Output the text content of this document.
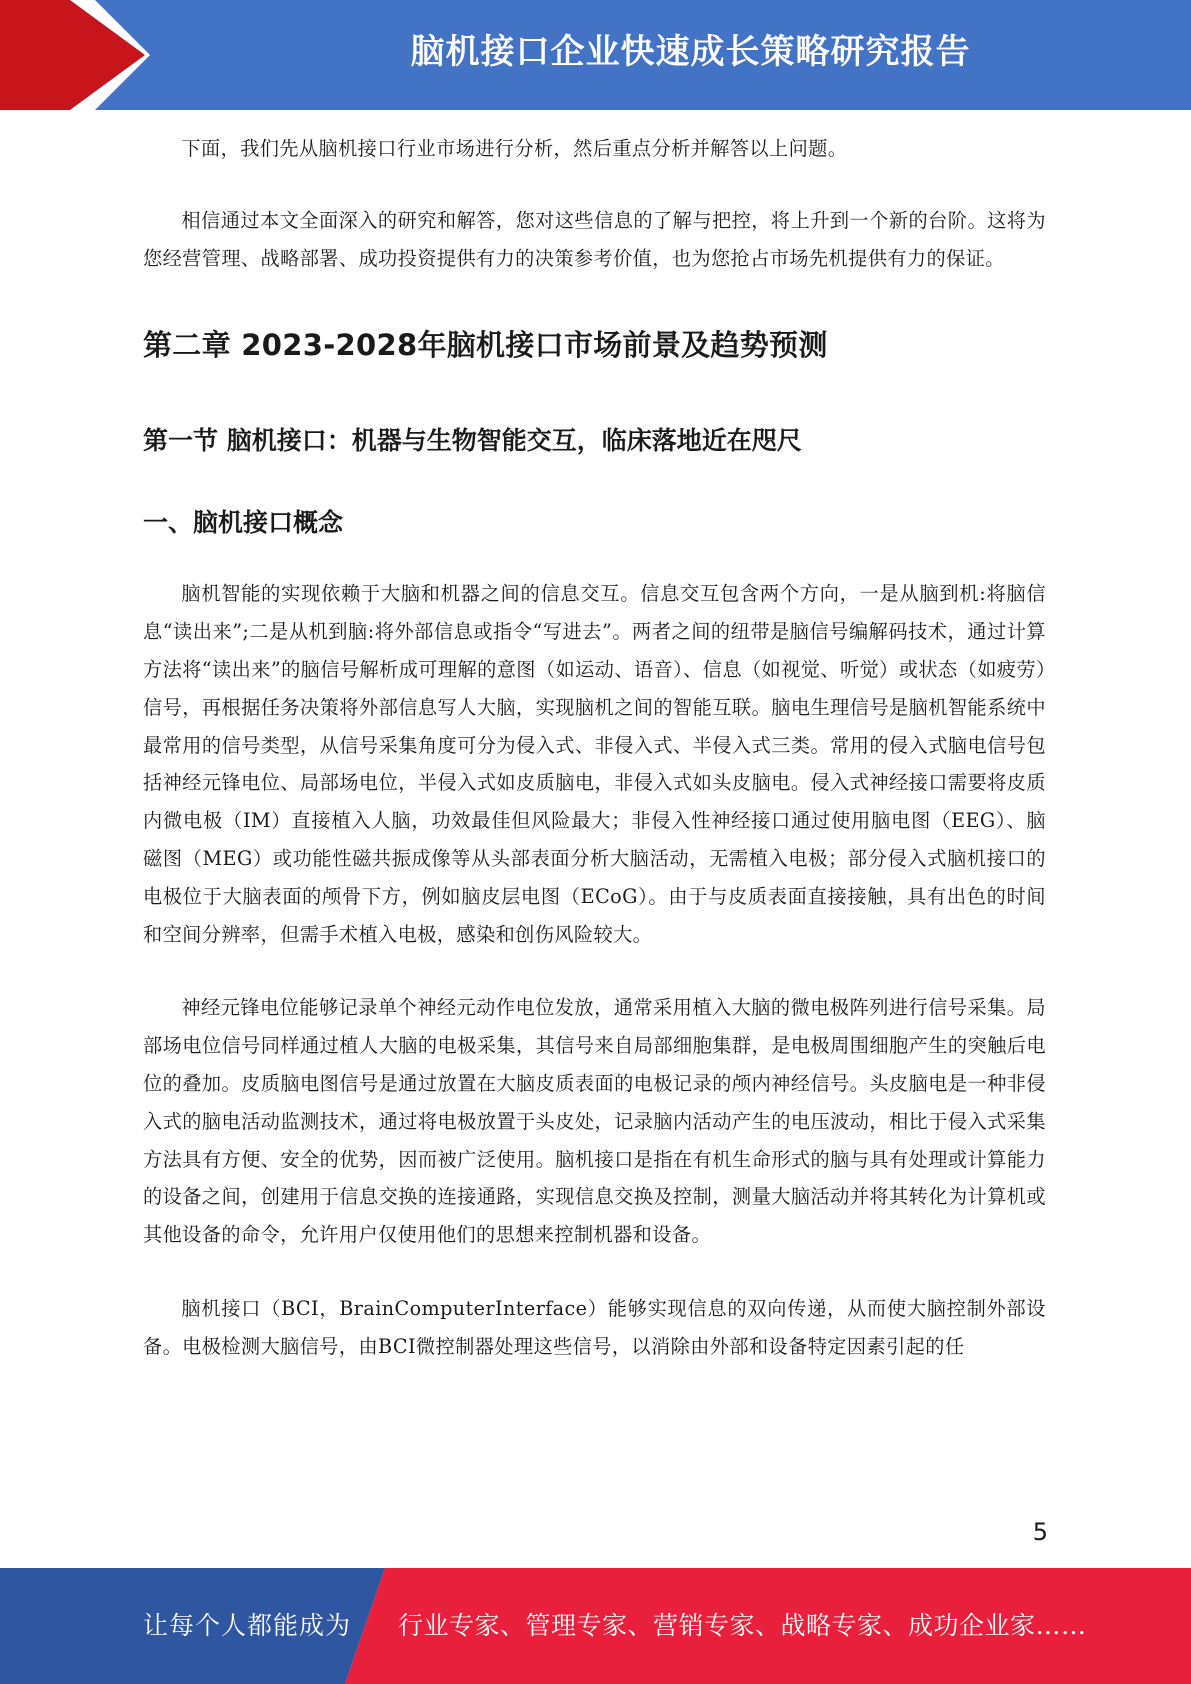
脑机接口企业快速成长策略研究报告

下面，我们先从脑机接口行业市场进行分析，然后重点分析并解答以上问题。

相信通过本文全面深入的研究和解答，您对这些信息的了解与把控，将上升到一个新的台阶。这将为您经营管理、战略部署、成功投资提供有力的决策参考价值，也为您抢占市场先机提供有力的保证。

第二章 2023-2028年脑机接口市场前景及趋势预测
第一节 脑机接口：机器与生物智能交互，临床落地近在咫尺
一、脑机接口概念

脑机智能的实现依赖于大脑和机器之间的信息交互。信息交互包含两个方向，一是从脑到机:将脑信息“读出来”;二是从机到脑:将外部信息或指令“写进去”。两者之间的纽带是脑信号编解码技术，通过计算方法将“读出来”的脑信号解析成可理解的意图（如运动、语音）、信息（如视觉、听觉）或状态（如疲劳）信号，再根据任务决策将外部信息写人大脑，实现脑机之间的智能互联。脑电生理信号是脑机智能系统中最常用的信号类型，从信号采集角度可分为侵入式、非侵入式、半侵入式三类。常用的侵入式脑电信号包括神经元锋电位、局部场电位，半侵入式如皮质脑电，非侵入式如头皮脑电。侵入式神经接口需要将皮质内微电极（IM）直接植入人脑，功效最佳但风险最大；非侵入性神经接口通过使用脑电图（EEG）、脑磁图（MEG）或功能性磁共振成像等从头部表面分析大脑活动，无需植入电极；部分侵入式脑机接口的电极位于大脑表面的颅骨下方，例如脑皮层电图（ECoG）。由于与皮质表面直接接触，具有出色的时间和空间分辨率，但需手术植入电极，感染和创伤风险较大。

神经元锋电位能够记录单个神经元动作电位发放，通常采用植入大脑的微电极阵列进行信号采集。局部场电位信号同样通过植人大脑的电极采集，其信号来自局部细胞集群，是电极周围细胞产生的突触后电位的叠加。皮质脑电图信号是通过放置在大脑皮质表面的电极记录的颅内神经信号。头皮脑电是一种非侵入式的脑电活动监测技术，通过将电极放置于头皮处，记录脑内活动产生的电压波动，相比于侵入式采集方法具有方便、安全的优势，因而被广泛使用。脑机接口是指在有机生命形式的脑与具有处理或计算能力的设备之间，创建用于信息交换的连接通路，实现信息交换及控制，测量大脑活动并将其转化为计算机或其他设备的命令，允许用户仅使用他们的思想来控制机器和设备。

脑机接口（BCI，BrainComputerInterface）能够实现信息的双向传递，从而使大脑控制外部设备。电极检测大脑信号，由BCI微控制器处理这些信号，以消除由外部和设备特定因素引起的任

5
让每个人都能成为 行业专家、管理专家、营销专家、战略专家、成功企业家……
